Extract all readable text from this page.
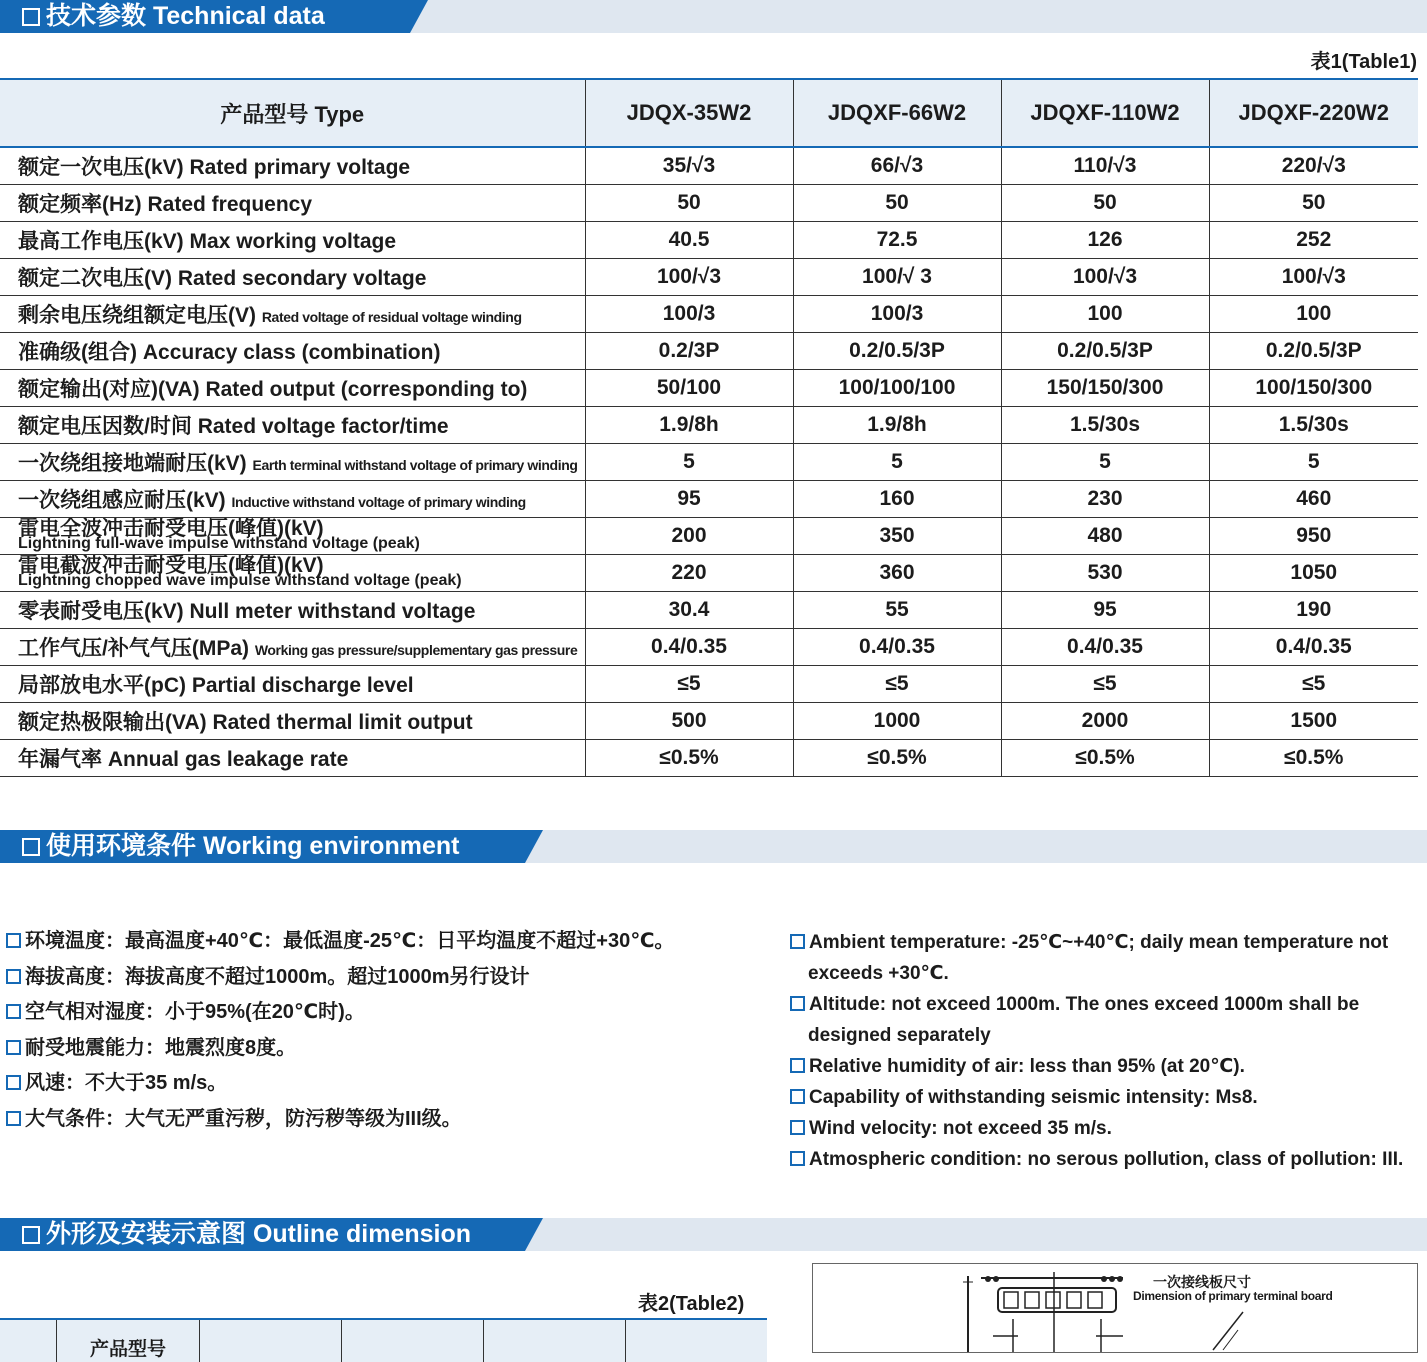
技术参数 Technical data
表1(Table1)
产品型号 Type	JDQX-35W2	JDQXF-66W2	JDQXF-110W2	JDQXF-220W2
额定一次电压(kV) Rated primary voltage	35/√3	66/√3	110/√3	220/√3
额定频率(Hz) Rated frequency	50	50	50	50
最高工作电压(kV) Max working voltage	40.5	72.5	126	252
额定二次电压(V) Rated secondary voltage	100/√3	100/√ 3	100/√3	100/√3
剩余电压绕组额定电压(V) Rated voltage of residual voltage winding	100/3	100/3	100	100
准确级(组合) Accuracy class (combination)	0.2/3P	0.2/0.5/3P	0.2/0.5/3P	0.2/0.5/3P
额定输出(对应)(VA) Rated output (corresponding to)	50/100	100/100/100	150/150/300	100/150/300
额定电压因数/时间 Rated voltage factor/time	1.9/8h	1.9/8h	1.5/30s	1.5/30s
一次绕组接地端耐压(kV) Earth terminal withstand voltage of primary winding	5	5	5	5
一次绕组感应耐压(kV) Inductive withstand voltage of primary winding	95	160	230	460
雷电全波冲击耐受电压(峰值)(kV)
Lightning full-wave impulse withstand voltage (peak)	200	350	480	950
雷电截波冲击耐受电压(峰值)(kV)
Lightning chopped wave impulse withstand voltage (peak)	220	360	530	1050
零表耐受电压(kV) Null meter withstand voltage	30.4	55	95	190
工作气压/补气气压(MPa) Working gas pressure/supplementary gas pressure	0.4/0.35	0.4/0.35	0.4/0.35	0.4/0.35
局部放电水平(pC) Partial discharge level	≤5	≤5	≤5	≤5
额定热极限输出(VA) Rated thermal limit output	500	1000	2000	1500
年漏气率 Annual gas leakage rate	≤0.5%	≤0.5%	≤0.5%	≤0.5%
使用环境条件 Working environment
环境温度：最高温度+40℃：最低温度-25℃：日平均温度不超过+30℃。
海拔高度：海拔高度不超过1000m。超过1000m另行设计
空气相对湿度：小于95%(在20℃时)。
耐受地震能力：地震烈度8度。
风速：不大于35 m/s。
大气条件：大气无严重污秽，防污秽等级为III级。
Ambient temperature: -25℃~+40℃; daily mean temperature not
exceeds +30℃.
Altitude: not exceed 1000m. The ones exceed 1000m shall be
designed separately
Relative humidity of air: less than 95% (at 20℃).
Capability of withstanding seismic intensity: Ms8.
Wind velocity: not exceed 35 m/s.
Atmospheric condition: no serous pollution, class of pollution: III.
外形及安装示意图 Outline dimension
表2(Table2)
	产品型号				
一次接线板尺寸
Dimension of primary terminal board
